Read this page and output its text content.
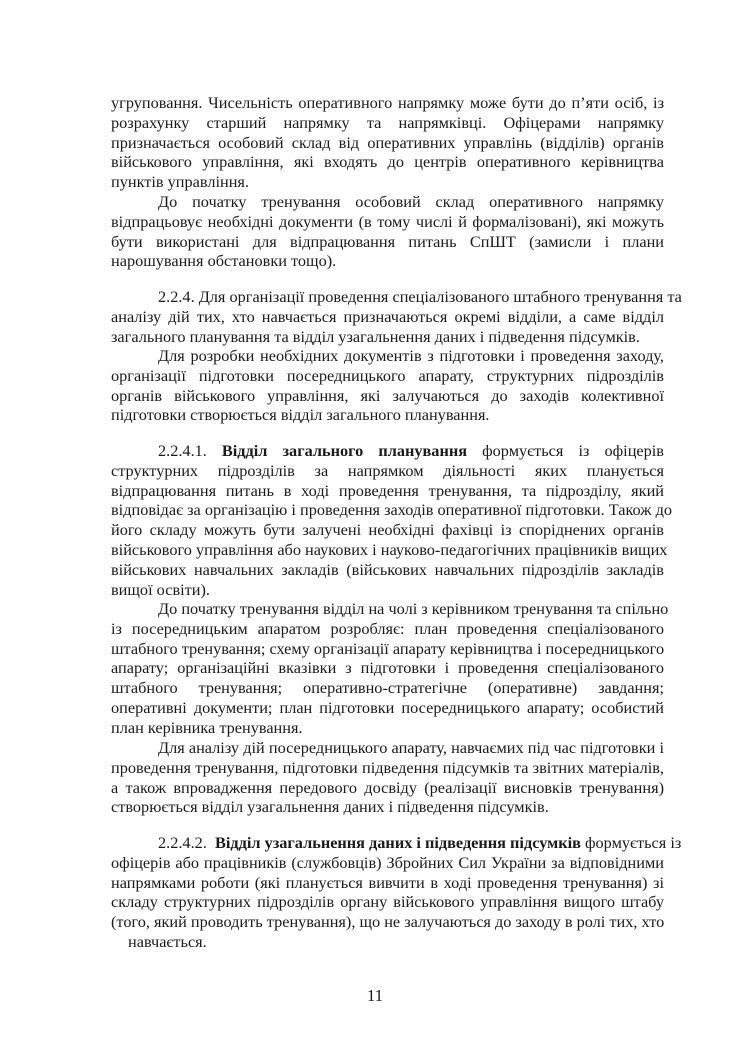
угруповання. Чисельність оперативного напрямку може бути до п’яти осіб, із
розрахунку старший напрямку та напрямківці. Офіцерами напрямку
призначається особовий склад від оперативних управлінь (відділів) органів
військового управління, які входять до центрів оперативного керівництва
пунктів управління.
До початку тренування особовий склад оперативного напрямку
відпрацьовує необхідні документи (в тому числі й формалізовані), які можуть
бути використані для відпрацювання питань СпШТ (замисли і плани
нарошування обстановки тощо).
2.2.4. Для організації проведення спеціалізованого штабного тренування та
аналізу дій тих, хто навчається призначаються окремі відділи, а саме відділ
загального планування та відділ узагальнення даних і підведення підсумків.
Для розробки необхідних документів з підготовки і проведення заходу,
організації підготовки посередницького апарату, структурних підрозділів
органів військового управління, які залучаються до заходів колективної
підготовки створюється відділ загального планування.
2.2.4.1. Відділ загального планування формується із офіцерів
структурних підрозділів за напрямком діяльності яких планується
відпрацювання питань в ході проведення тренування, та підрозділу, який
відповідає за організацію і проведення заходів оперативної підготовки. Також до
його складу можуть бути залучені необхідні фахівці із споріднених органів
військового управління або наукових і науково-педагогічних працівників вищих
військових навчальних закладів (військових навчальних підрозділів закладів
вищої освіти).
До початку тренування відділ на чолі з керівником тренування та спільно
із посередницьким апаратом розробляє: план проведення спеціалізованого
штабного тренування; схему організації апарату керівництва і посередницького
апарату; організаційні вказівки з підготовки і проведення спеціалізованого
штабного тренування; оперативно-стратегічне (оперативне) завдання;
оперативні документи; план підготовки посередницького апарату; особистий
план керівника тренування.
Для аналізу дій посередницького апарату, навчаємих під час підготовки і
проведення тренування, підготовки підведення підсумків та звітних матеріалів,
а також впровадження передового досвіду (реалізації висновків тренування)
створюється відділ узагальнення даних і підведення підсумків.
2.2.4.2.  Відділ узагальнення даних і підведення підсумків формується із
офіцерів або працівників (службовців) Збройних Сил України за відповідними
напрямками роботи (які планується вивчити в ході проведення тренування) зі
складу структурних підрозділів органу військового управління вищого штабу
(того, який проводить тренування), що не залучаються до заходу в ролі тих, хто
навчається.
11
